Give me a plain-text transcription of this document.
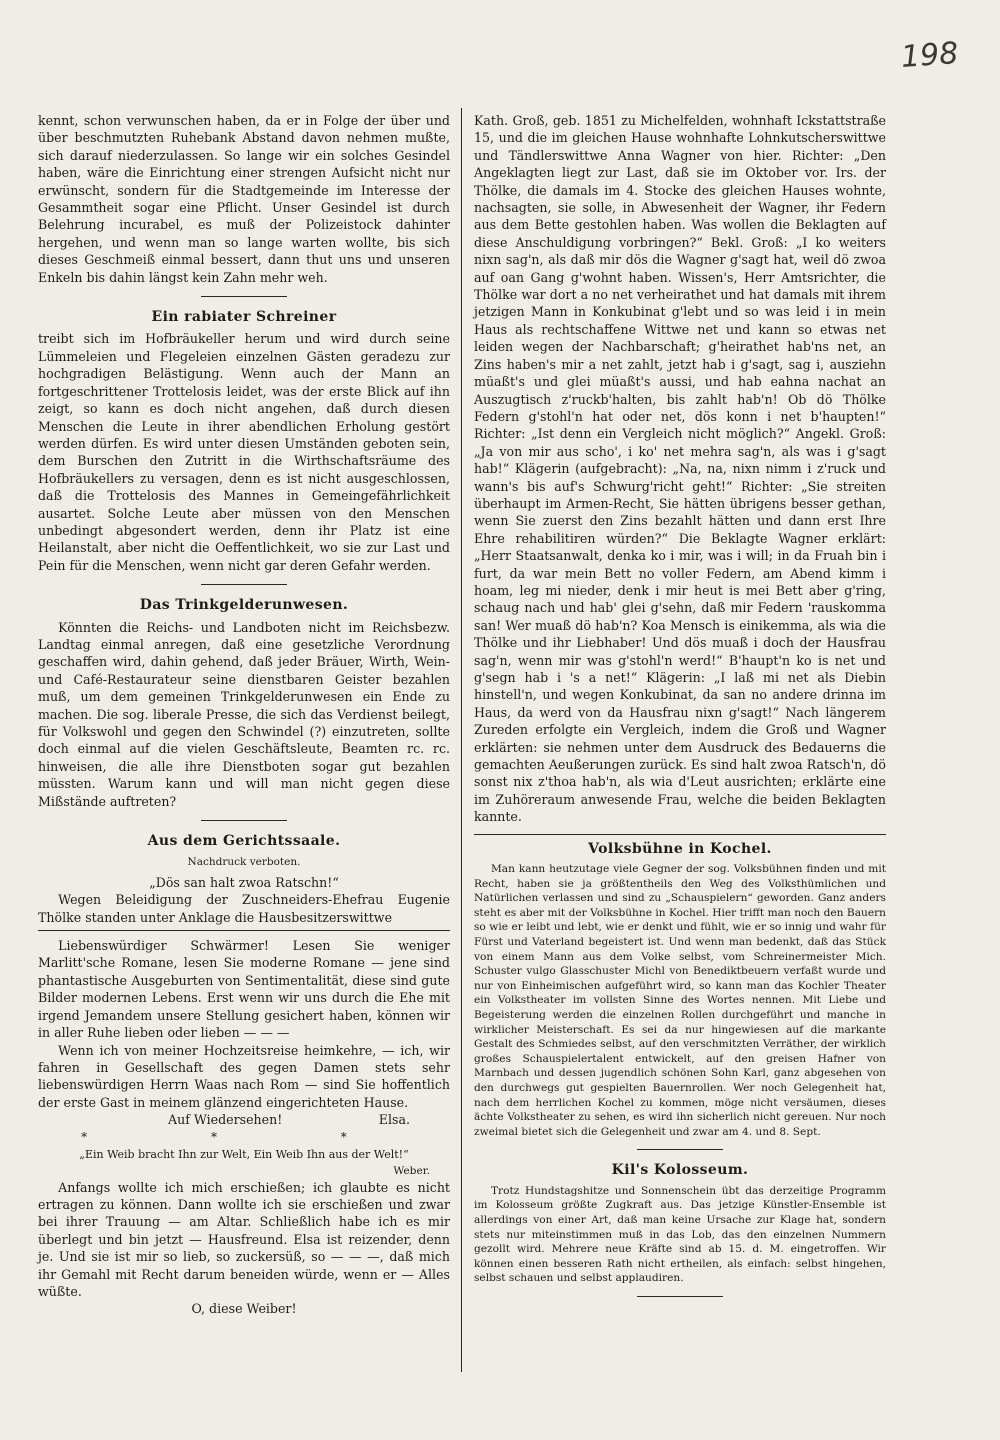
198

kennt, schon verwunschen haben, da er in Folge der über und über beschmutzten Ruhebank Abstand davon nehmen mußte, sich darauf niederzulassen. So lange wir ein solches Gesindel haben, wäre die Einrichtung einer strengen Aufsicht nicht nur erwünscht, sondern für die Stadtgemeinde im Interesse der Gesammtheit sogar eine Pflicht. Unser Gesindel ist durch Belehrung incurabel, es muß der Polizeistock dahinter hergehen, und wenn man so lange warten wollte, bis sich dieses Geschmeiß einmal bessert, dann thut uns und unseren Enkeln bis dahin längst kein Zahn mehr weh.

Ein rabiater Schreiner

treibt sich im Hofbräukeller herum und wird durch seine Lümmeleien und Flegeleien einzelnen Gästen geradezu zur hochgradigen Belästigung. Wenn auch der Mann an fortgeschrittener Trottelosis leidet, was der erste Blick auf ihn zeigt, so kann es doch nicht angehen, daß durch diesen Menschen die Leute in ihrer abendlichen Erholung gestört werden dürfen. Es wird unter diesen Umständen geboten sein, dem Burschen den Zutritt in die Wirthschaftsräume des Hofbräukellers zu versagen, denn es ist nicht ausgeschlossen, daß die Trottelosis des Mannes in Gemeingefährlichkeit ausartet. Solche Leute aber müssen von den Menschen unbedingt abgesondert werden, denn ihr Platz ist eine Heilanstalt, aber nicht die Oeffentlichkeit, wo sie zur Last und Pein für die Menschen, wenn nicht gar deren Gefahr werden.

Das Trinkgelderunwesen.

Könnten die Reichs- und Landboten nicht im Reichsbezw. Landtag einmal anregen, daß eine gesetzliche Verordnung geschaffen wird, dahin gehend, daß jeder Bräuer, Wirth, Wein- und Café-Restaurateur seine dienstbaren Geister bezahlen muß, um dem gemeinen Trinkgelderunwesen ein Ende zu machen. Die sog. liberale Presse, die sich das Verdienst beilegt, für Volkswohl und gegen den Schwindel (?) einzutreten, sollte doch einmal auf die vielen Geschäftsleute, Beamten rc. rc. hinweisen, die alle ihre Dienstboten sogar gut bezahlen müssten. Warum kann und will man nicht gegen diese Mißstände auftreten?

Aus dem Gerichtssaale.
Nachdruck verboten.

„Dös san halt zwoa Ratschn!“

Wegen Beleidigung der Zuschneiders-Ehefrau Eugenie Thölke standen unter Anklage die Hausbesitzerswittwe

Liebenswürdiger Schwärmer! Lesen Sie weniger Marlitt'sche Romane, lesen Sie moderne Romane — jene sind phantastische Ausgeburten von Sentimentalität, diese sind gute Bilder modernen Lebens. Erst wenn wir uns durch die Ehe mit irgend Jemandem unsere Stellung gesichert haben, können wir in aller Ruhe lieben oder lieben — — —

Wenn ich von meiner Hochzeitsreise heimkehre, — ich, wir fahren in Gesellschaft des gegen Damen stets sehr liebenswürdigen Herrn Waas nach Rom — sind Sie hoffentlich der erste Gast in meinem glänzend eingerichteten Hause.

Auf Wiedersehen!	Elsa.
* * *

„Ein Weib bracht Ihn zur Welt, Ein Weib Ihn aus der Welt!“

Weber.

Anfangs wollte ich mich erschießen; ich glaubte es nicht ertragen zu können. Dann wollte ich sie erschießen und zwar bei ihrer Trauung — am Altar. Schließlich habe ich es mir überlegt und bin jetzt — Hausfreund. Elsa ist reizender, denn je. Und sie ist mir so lieb, so zuckersüß, so — — —, daß mich ihr Gemahl mit Recht darum beneiden würde, wenn er — Alles wüßte.

O, diese Weiber!

Kath. Groß, geb. 1851 zu Michelfelden, wohnhaft Ickstattstraße 15, und die im gleichen Hause wohnhafte Lohnkutscherswittwe und Tändlerswittwe Anna Wagner von hier. Richter: „Den Angeklagten liegt zur Last, daß sie im Oktober vor. Irs. der Thölke, die damals im 4. Stocke des gleichen Hauses wohnte, nachsagten, sie solle, in Abwesenheit der Wagner, ihr Federn aus dem Bette gestohlen haben. Was wollen die Beklagten auf diese Anschuldigung vorbringen?“ Bekl. Groß: „I ko weiters nixn sag'n, als daß mir dös die Wagner g'sagt hat, weil dö zwoa auf oan Gang g'wohnt haben. Wissen's, Herr Amtsrichter, die Thölke war dort a no net verheirathet und hat damals mit ihrem jetzigen Mann in Konkubinat g'lebt und so was leid i in mein Haus als rechtschaffene Wittwe net und kann so etwas net leiden wegen der Nachbarschaft; g'heirathet hab'ns net, an Zins haben's mir a net zahlt, jetzt hab i g'sagt, sag i, ausziehn müaßt's und glei müaßt's aussi, und hab eahna nachat an Auszugtisch z'ruckb'halten, bis zahlt hab'n! Ob dö Thölke Federn g'stohl'n hat oder net, dös konn i net b'haupten!“ Richter: „Ist denn ein Vergleich nicht möglich?“ Angekl. Groß: „Ja von mir aus scho', i ko' net mehra sag'n, als was i g'sagt hab!“ Klägerin (aufgebracht): „Na, na, nixn nimm i z'ruck und wann's bis auf's Schwurg'richt geht!“ Richter: „Sie streiten überhaupt im Armen-Recht, Sie hätten übrigens besser gethan, wenn Sie zuerst den Zins bezahlt hätten und dann erst Ihre Ehre rehabilitiren würden?“ Die Beklagte Wagner erklärt: „Herr Staatsanwalt, denka ko i mir, was i will; in da Fruah bin i furt, da war mein Bett no voller Federn, am Abend kimm i hoam, leg mi nieder, denk i mir heut is mei Bett aber g'ring, schaug nach und hab' glei g'sehn, daß mir Federn 'rauskomma san! Wer muaß dö hab'n? Koa Mensch is einikemma, als wia die Thölke und ihr Liebhaber! Und dös muaß i doch der Hausfrau sag'n, wenn mir was g'stohl'n werd!“ B'haupt'n ko is net und g'segn hab i 's a net!“ Klägerin: „I laß mi net als Diebin hinstell'n, und wegen Konkubinat, da san no andere drinna im Haus, da werd von da Hausfrau nixn g'sagt!“ Nach längerem Zureden erfolgte ein Vergleich, indem die Groß und Wagner erklärten: sie nehmen unter dem Ausdruck des Bedauerns die gemachten Aeußerungen zurück. Es sind halt zwoa Ratsch'n, dö sonst nix z'thoa hab'n, als wia d'Leut ausrichten; erklärte eine im Zuhöreraum anwesende Frau, welche die beiden Beklagten kannte.

Volksbühne in Kochel.

Man kann heutzutage viele Gegner der sog. Volksbühnen finden und mit Recht, haben sie ja größtentheils den Weg des Volksthümlichen und Natürlichen verlassen und sind zu „Schauspielern“ geworden. Ganz anders steht es aber mit der Volksbühne in Kochel. Hier trifft man noch den Bauern so wie er leibt und lebt, wie er denkt und fühlt, wie er so innig und wahr für Fürst und Vaterland begeistert ist. Und wenn man bedenkt, daß das Stück von einem Mann aus dem Volke selbst, vom Schreinermeister Mich. Schuster vulgo Glasschuster Michl von Benediktbeuern verfaßt wurde und nur von Einheimischen aufgeführt wird, so kann man das Kochler Theater ein Volkstheater im vollsten Sinne des Wortes nennen. Mit Liebe und Begeisterung werden die einzelnen Rollen durchgeführt und manche in wirklicher Meisterschaft. Es sei da nur hingewiesen auf die markante Gestalt des Schmiedes selbst, auf den verschmitzten Verräther, der wirklich großes Schauspielertalent entwickelt, auf den greisen Hafner von Marnbach und dessen jugendlich schönen Sohn Karl, ganz abgesehen von den durchwegs gut gespielten Bauernrollen. Wer noch Gelegenheit hat, nach dem herrlichen Kochel zu kommen, möge nicht versäumen, dieses ächte Volkstheater zu sehen, es wird ihn sicherlich nicht gereuen. Nur noch zweimal bietet sich die Gelegenheit und zwar am 4. und 8. Sept.

Kil's Kolosseum.

Trotz Hundstagshitze und Sonnenschein übt das derzeitige Programm im Kolosseum größte Zugkraft aus. Das jetzige Künstler-Ensemble ist allerdings von einer Art, daß man keine Ursache zur Klage hat, sondern stets nur miteinstimmen muß in das Lob, das den einzelnen Nummern gezollt wird. Mehrere neue Kräfte sind ab 15. d. M. eingetroffen. Wir können einen besseren Rath nicht ertheilen, als einfach: selbst hingehen, selbst schauen und selbst applaudiren.
